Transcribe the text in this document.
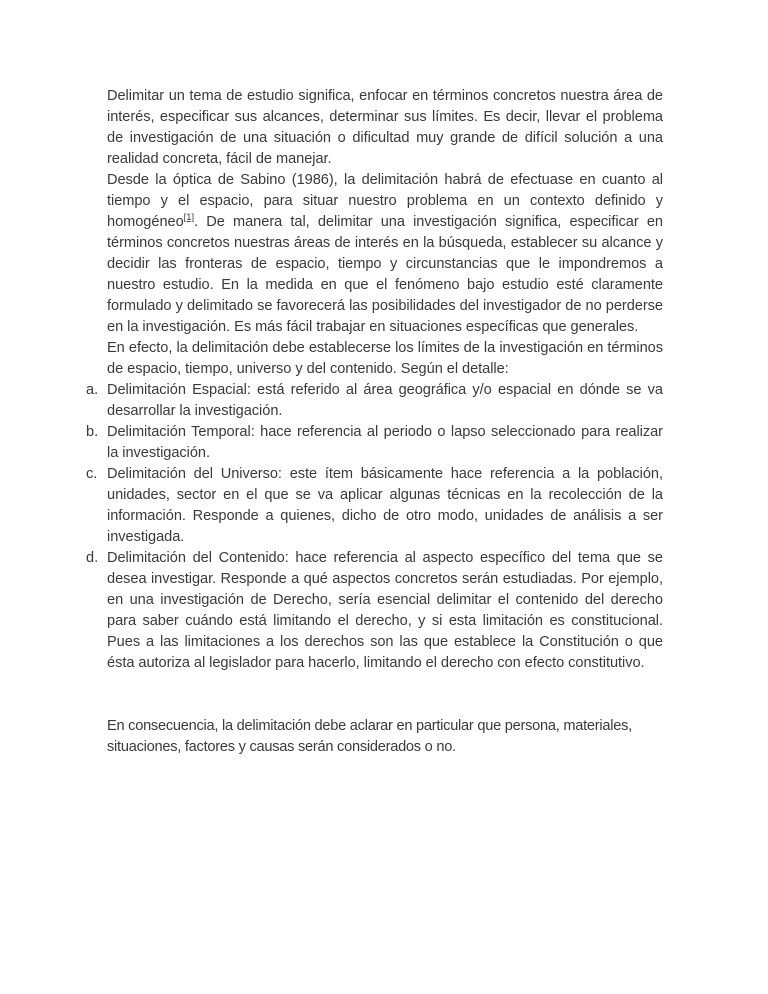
Delimitar un tema de estudio significa, enfocar en términos concretos nuestra área de interés, especificar sus alcances, determinar sus límites. Es decir, llevar el problema de investigación de una situación o dificultad muy grande de difícil solución a una realidad concreta, fácil de manejar.

Desde la óptica de Sabino (1986), la delimitación habrá de efectuase en cuanto al tiempo y el espacio, para situar nuestro problema en un contexto definido y homogéneo[1]. De manera tal, delimitar una investigación significa, especificar en términos concretos nuestras áreas de interés en la búsqueda, establecer su alcance y decidir las fronteras de espacio, tiempo y circunstancias que le impondremos a nuestro estudio. En la medida en que el fenómeno bajo estudio esté claramente formulado y delimitado se favorecerá las posibilidades del investigador de no perderse en la investigación. Es más fácil trabajar en situaciones específicas que generales.

En efecto, la delimitación debe establecerse los límites de la investigación en términos de espacio, tiempo, universo y del contenido. Según el detalle:

a. Delimitación Espacial: está referido al área geográfica y/o espacial en dónde se va desarrollar la investigación.
b. Delimitación Temporal: hace referencia al periodo o lapso seleccionado para realizar la investigación.
c. Delimitación del Universo: este ítem básicamente hace referencia a la población, unidades, sector en el que se va aplicar algunas técnicas en la recolección de la información. Responde a quienes, dicho de otro modo, unidades de análisis a ser investigada.
d. Delimitación del Contenido: hace referencia al aspecto específico del tema que se desea investigar. Responde a qué aspectos concretos serán estudiadas. Por ejemplo, en una investigación de Derecho, sería esencial delimitar el contenido del derecho para saber cuándo está limitando el derecho, y si esta limitación es constitucional. Pues a las limitaciones a los derechos son las que establece la Constitución o que ésta autoriza al legislador para hacerlo, limitando el derecho con efecto constitutivo.

En consecuencia, la delimitación debe aclarar en particular que persona, materiales, situaciones, factores y causas serán considerados o no.
